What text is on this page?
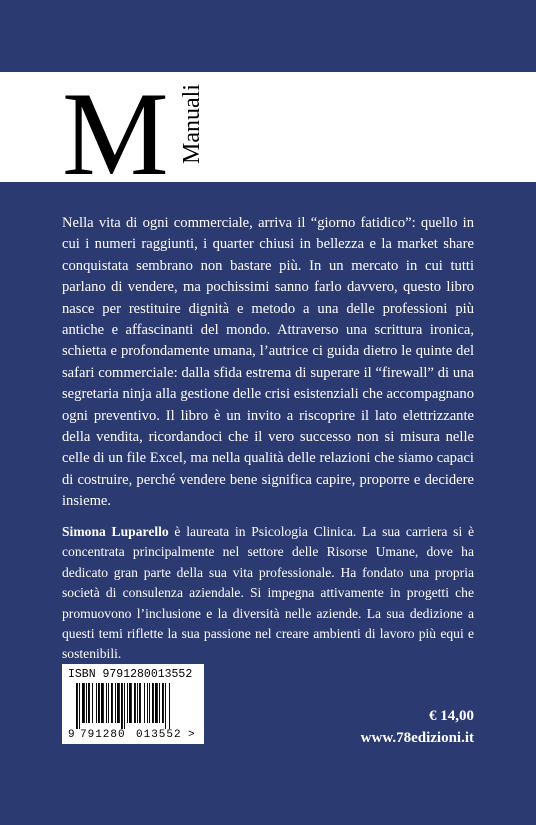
M Manuali

Nella vita di ogni commerciale, arriva il “giorno fatidico”: quello in cui i numeri raggiunti, i quarter chiusi in bellezza e la market share conquistata sembrano non bastare più. In un mercato in cui tutti parlano di vendere, ma pochissimi sanno farlo davvero, questo libro nasce per restituire dignità e metodo a una delle professioni più antiche e affascinanti del mondo. Attraverso una scrittura ironica, schietta e profondamente umana, l’autrice ci guida dietro le quinte del safari commerciale: dalla sfida estrema di superare il “firewall” di una segretaria ninja alla gestione delle crisi esistenziali che accompagnano ogni preventivo. Il libro è un invito a riscoprire il lato elettrizzante della vendita, ricordandoci che il vero successo non si misura nelle celle di un file Excel, ma nella qualità delle relazioni che siamo capaci di costruire, perché vendere bene significa capire, proporre e decidere insieme.

Simona Luparello è laureata in Psicologia Clinica. La sua carriera si è concentrata principalmente nel settore delle Risorse Umane, dove ha dedicato gran parte della sua vita professionale. Ha fondato una propria società di consulenza aziendale. Si impegna attivamente in progetti che promuovono l’inclusione e la diversità nelle aziende. La sua dedizione a questi temi riflette la sua passione nel creare ambienti di lavoro più equi e sostenibili.

ISBN 9791280013552
9 791280 013552 >
€ 14,00
www.78edizioni.it
